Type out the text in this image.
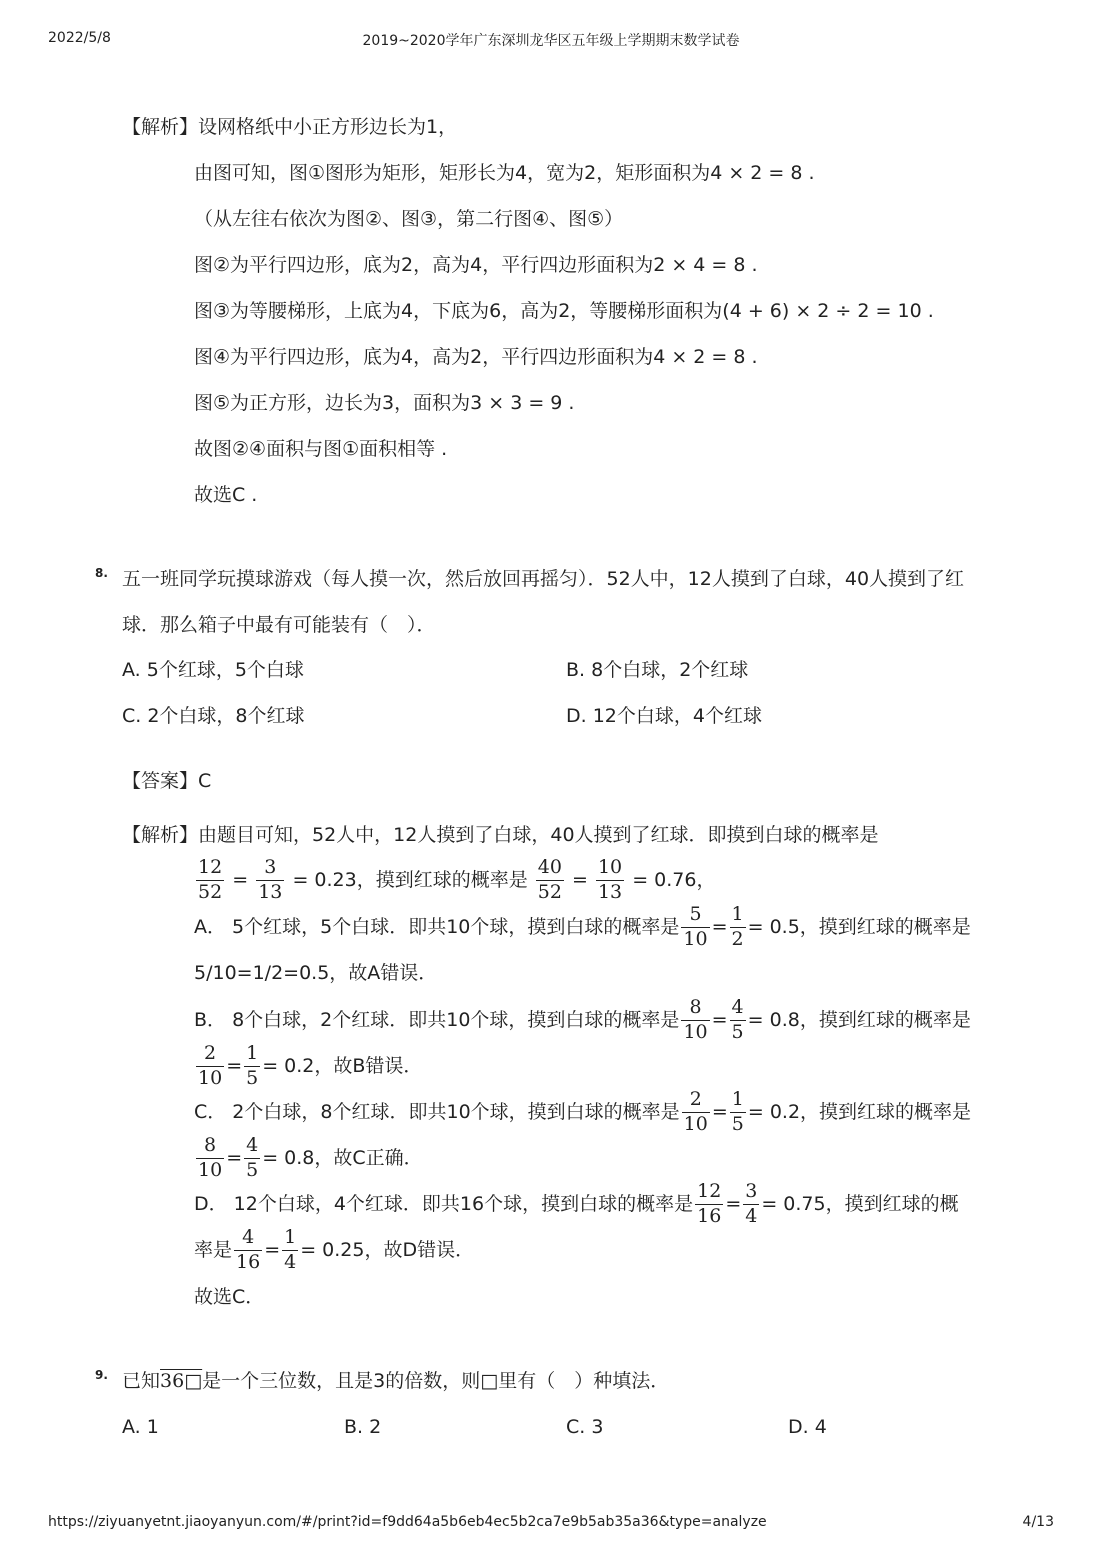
2022/5/8	2019~2020学年广东深圳龙华区五年级上学期期末数学试卷
【解析】设网格纸中小正方形边长为1，
由图可知，图①图形为矩形，矩形长为4，宽为2，矩形面积为4 × 2 = 8 .
（从左往右依次为图②、图③，第二行图④、图⑤）
图②为平行四边形，底为2，高为4，平行四边形面积为2 × 4 = 8 .
图③为等腰梯形，上底为4，下底为6，高为2，等腰梯形面积为(4 + 6) × 2 ÷ 2 = 10 .
图④为平行四边形，底为4，高为2，平行四边形面积为4 × 2 = 8 .
图⑤为正方形，边长为3，面积为3 × 3 = 9 .
故图②④面积与图①面积相等 .
故选C .
8. 五一班同学玩摸球游戏（每人摸一次，然后放回再摇匀）．52人中，12人摸到了白球，40人摸到了红
球．那么箱子中最有可能装有（　）．
A. 5个红球，5个白球	B. 8个白球，2个红球
C. 2个白球，8个红球	D. 12个白球，4个红球
【答案】C
【解析】由题目可知，52人中，12人摸到了白球，40人摸到了红球．即摸到白球的概率是
$\frac{12}{52} = \frac{3}{13} = 0.23$，摸到红球的概率是 $\frac{40}{52} = \frac{10}{13} = 0.76$，
A． 5个红球，5个白球．即共10个球，摸到白球的概率是 $\frac{5}{10} = \frac{1}{2} = 0.5$，摸到红球的概率是
5/10=1/2=0.5，故A错误．
B． 8个白球，2个红球．即共10个球，摸到白球的概率是 $\frac{8}{10} = \frac{4}{5} = 0.8$，摸到红球的概率是
$\frac{2}{10} = \frac{1}{5} = 0.2$，故B错误．
C． 2个白球，8个红球．即共10个球，摸到白球的概率是 $\frac{2}{10} = \frac{1}{5} = 0.2$，摸到红球的概率是
$\frac{8}{10} = \frac{4}{5} = 0.8$，故C正确．
D． 12个白球，4个红球．即共16个球，摸到白球的概率是 $\frac{12}{16} = \frac{3}{4} = 0.75$，摸到红球的概
率是 $\frac{4}{16} = \frac{1}{4} = 0.25$，故D错误．
故选C．
9. 已知36□是一个三位数，且是3的倍数，则□里有（　）种填法．
A. 1	B. 2	C. 3	D. 4
https://ziyuanyetnt.jiaoyanyun.com/#/print?id=f9dd64a5b6eb4ec5b2ca7e9b5ab35a36&type=analyze	4/13
